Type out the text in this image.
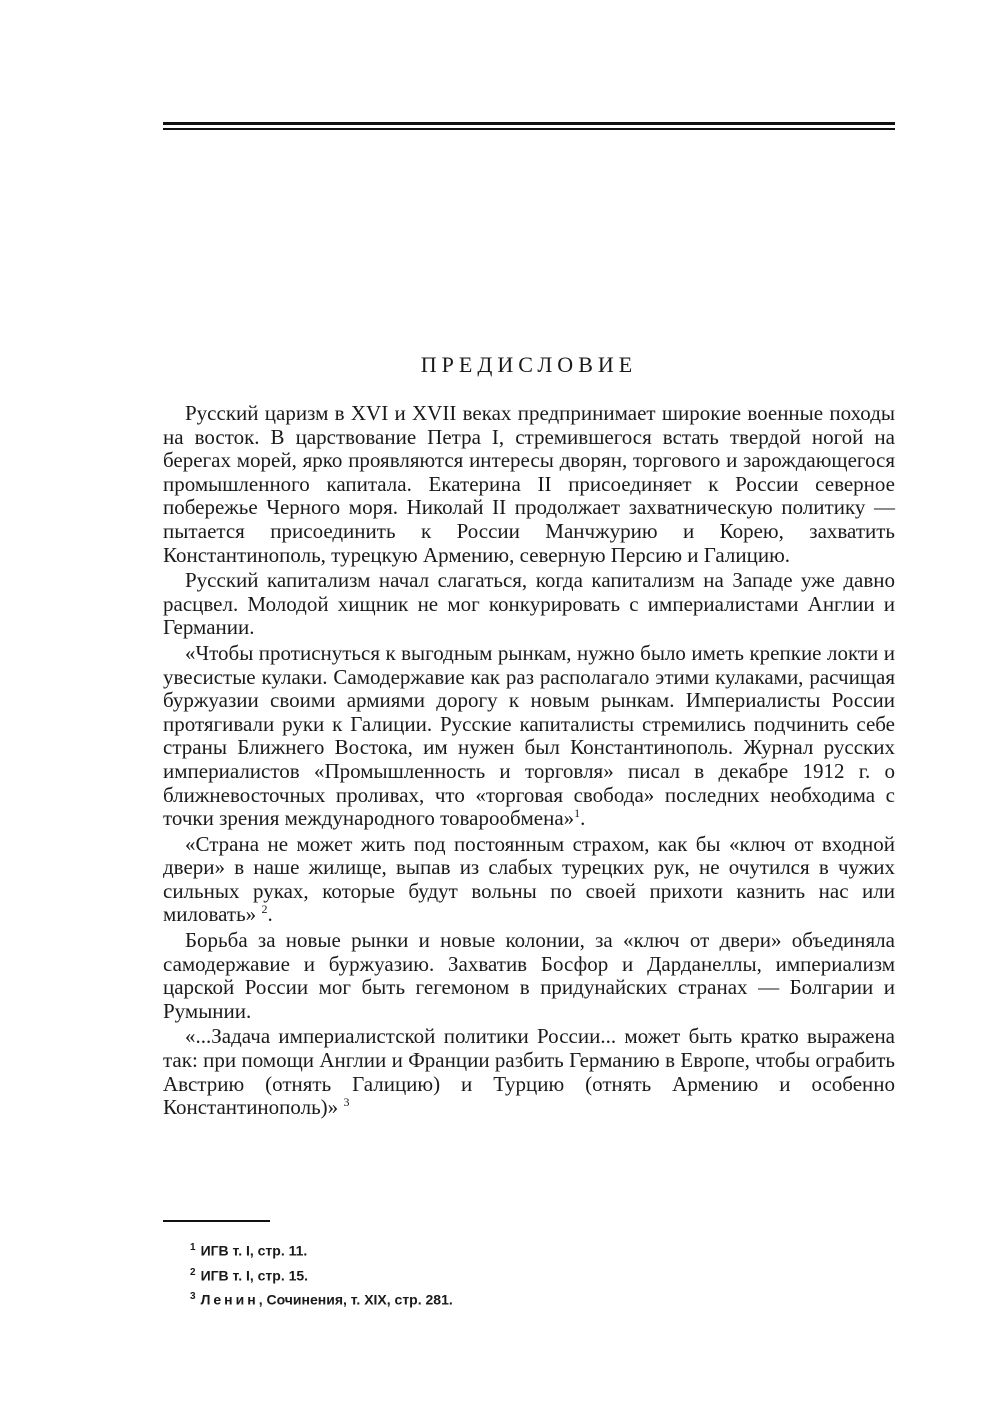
ПРЕДИСЛОВИЕ

Русский царизм в XVI и XVII веках предпринимает широкие военные походы на восток. В царствование Петра I, стремившегося встать твердой ногой на берегах морей, ярко проявляются интересы дворян, торгового и зарождающегося промышленного капитала. Екатерина II присоединяет к России северное побережье Черного моря. Николай II продолжает захватническую политику — пытается присоединить к России Манчжурию и Корею, захватить Константинополь, турецкую Армению, северную Персию и Галицию.

Русский капитализм начал слагаться, когда капитализм на Западе уже давно расцвел. Молодой хищник не мог конкурировать с империалистами Англии и Германии.

«Чтобы протиснуться к выгодным рынкам, нужно было иметь крепкие локти и увесистые кулаки. Самодержавие как раз располагало этими кулаками, расчищая буржуазии своими армиями дорогу к новым рынкам. Империалисты России протягивали руки к Галиции. Русские капиталисты стремились подчинить себе страны Ближнего Востока, им нужен был Константинополь. Журнал русских империалистов «Промышленность и торговля» писал в декабре 1912 г. о ближневосточных проливах, что «торговая свобода» последних необходима с точки зрения международного товарообмена»$^1$.

«Страна не может жить под постоянным страхом, как бы «ключ от входной двери» в наше жилище, выпав из слабых турецких рук, не очутился в чужих сильных руках, которые будут вольны по своей прихоти казнить нас или миловать» $^2$.

Борьба за новые рынки и новые колонии, за «ключ от двери» объединяла самодержавие и буржуазию. Захватив Босфор и Дарданеллы, империализм царской России мог быть гегемоном в придунайских странах — Болгарии и Румынии.

«...Задача империалистской политики России... может быть кратко выражена так: при помощи Англии и Франции разбить Германию в Европе, чтобы ограбить Австрию (отнять Галицию) и Турцию (отнять Армению и особенно Константинополь)» $^3$

$^1$ ИГВ т. I, стр. 11.

$^2$ ИГВ т. I, стр. 15.

$^3$ Ленин, Сочинения, т. XIX, стр. 281.
